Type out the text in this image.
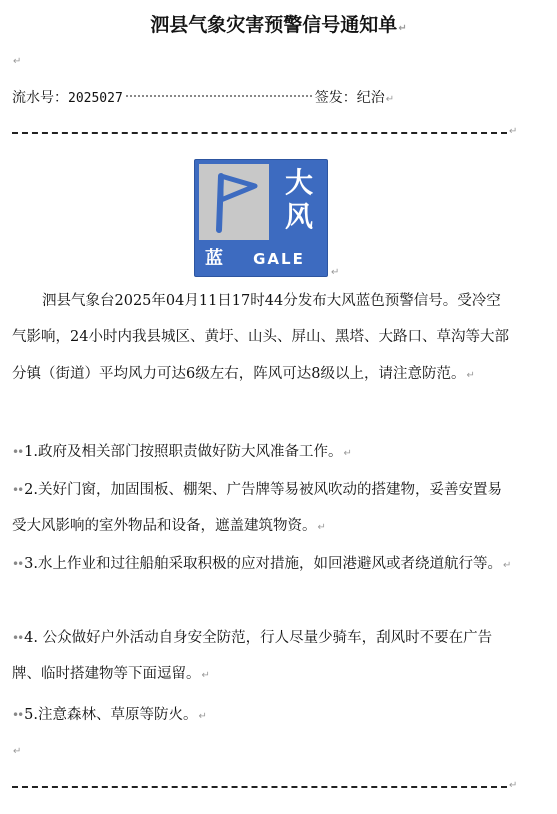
泗县气象灾害预警信号通知单↵
↵
流水号：2025027	签发：纪治↵
↵
大风
蓝	GALE
↵
泗县气象台2025年04月11日17时44分发布大风蓝色预警信号。受冷空气影响，24小时内我县城区、黄圩、山头、屏山、黑塔、大路口、草沟等大部分镇（街道）平均风力可达6级左右，阵风可达8级以上，请注意防范。↵
•• 1.政府及相关部门按照职责做好防大风准备工作。↵
•• 2.关好门窗，加固围板、棚架、广告牌等易被风吹动的搭建物，妥善安置易受大风影响的室外物品和设备，遮盖建筑物资。↵
•• 3.水上作业和过往船舶采取积极的应对措施，如回港避风或者绕道航行等。↵
•• 4. 公众做好户外活动自身安全防范，行人尽量少骑车，刮风时不要在广告牌、临时搭建物等下面逗留。↵
•• 5.注意森林、草原等防火。↵
↵
↵
